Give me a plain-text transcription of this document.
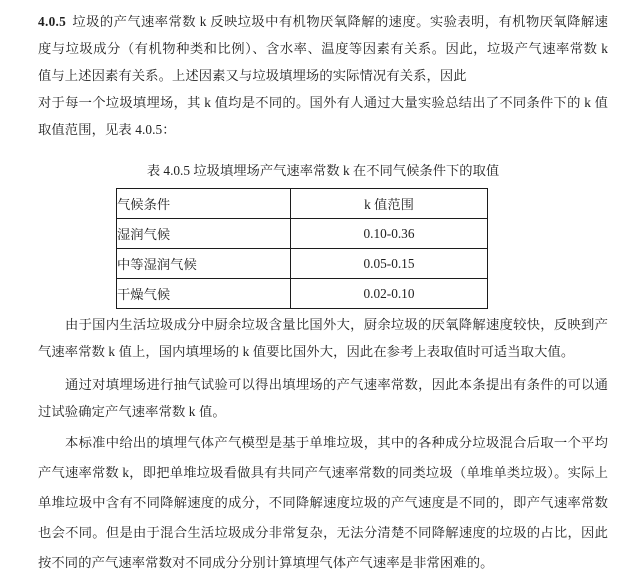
4.0.5 垃圾的产气速率常数 k 反映垃圾中有机物厌氧降解的速度。实验表明，有机物厌氧降解速
度与垃圾成分（有机物种类和比例）、含水率、温度等因素有关系。因此，垃圾产气速率常数 k
值与上述因素有关系。上述因素又与垃圾填埋场的实际情况有关系，因此
对于每一个垃圾填埋场，其 k 值均是不同的。国外有人通过大量实验总结出了不同条件下的 k 值
取值范围，见表 4.0.5：
表 4.0.5 垃圾填埋场产气速率常数 k 在不同气候条件下的取值
气候条件	k 值范围
湿润气候	0.10-0.36
中等湿润气候	0.05-0.15
干燥气候	0.02-0.10
由于国内生活垃圾成分中厨余垃圾含量比国外大，厨余垃圾的厌氧降解速度较快，反映到产
气速率常数 k 值上，国内填埋场的 k 值要比国外大，因此在参考上表取值时可适当取大值。
通过对填埋场进行抽气试验可以得出填埋场的产气速率常数，因此本条提出有条件的可以通
过试验确定产气速率常数 k 值。
本标准中给出的填埋气体产气模型是基于单堆垃圾，其中的各种成分垃圾混合后取一个平均
产气速率常数 k，即把单堆垃圾看做具有共同产气速率常数的同类垃圾（单堆单类垃圾）。实际上
单堆垃圾中含有不同降解速度的成分，不同降解速度垃圾的产气速度是不同的，即产气速率常数
也会不同。但是由于混合生活垃圾成分非常复杂，无法分清楚不同降解速度的垃圾的占比，因此
按不同的产气速率常数对不同成分分别计算填埋气体产气速率是非常困难的。
